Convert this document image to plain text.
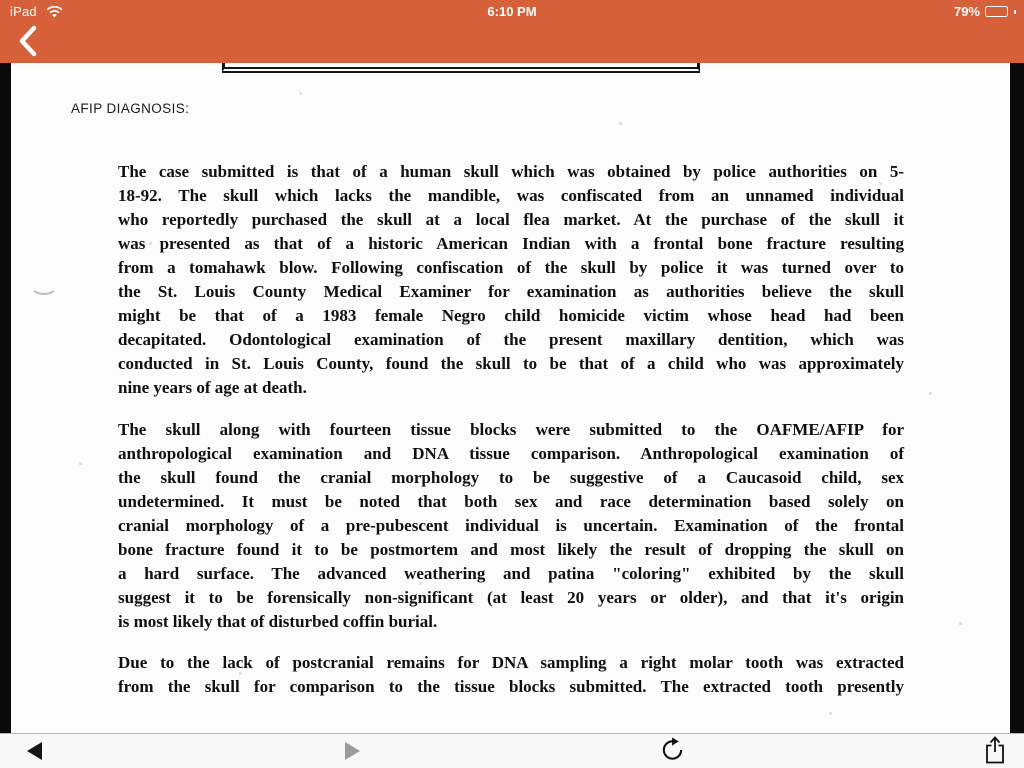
iPad	6:10 PM	79%
AFIP DIAGNOSIS:
The case submitted is that of a human skull which was obtained by police authorities on 5-
18-92. The skull which lacks the mandible, was confiscated from an unnamed individual
who reportedly purchased the skull at a local flea market. At the purchase of the skull it
was presented as that of a historic American Indian with a frontal bone fracture resulting
from a tomahawk blow. Following confiscation of the skull by police it was turned over to
the St. Louis County Medical Examiner for examination as authorities believe the skull
might be that of a 1983 female Negro child homicide victim whose head had been
decapitated. Odontological examination of the present maxillary dentition, which was
conducted in St. Louis County, found the skull to be that of a child who was approximately
nine years of age at death.
The skull along with fourteen tissue blocks were submitted to the OAFME/AFIP for
anthropological examination and DNA tissue comparison. Anthropological examination of
the skull found the cranial morphology to be suggestive of a Caucasoid child, sex
undetermined. It must be noted that both sex and race determination based solely on
cranial morphology of a pre-pubescent individual is uncertain. Examination of the frontal
bone fracture found it to be postmortem and most likely the result of dropping the skull on
a hard surface. The advanced weathering and patina "coloring" exhibited by the skull
suggest it to be forensically non-significant (at least 20 years or older), and that it's origin
is most likely that of disturbed coffin burial.
Due to the lack of postcranial remains for DNA sampling a right molar tooth was extracted
from the skull for comparison to the tissue blocks submitted. The extracted tooth presently
